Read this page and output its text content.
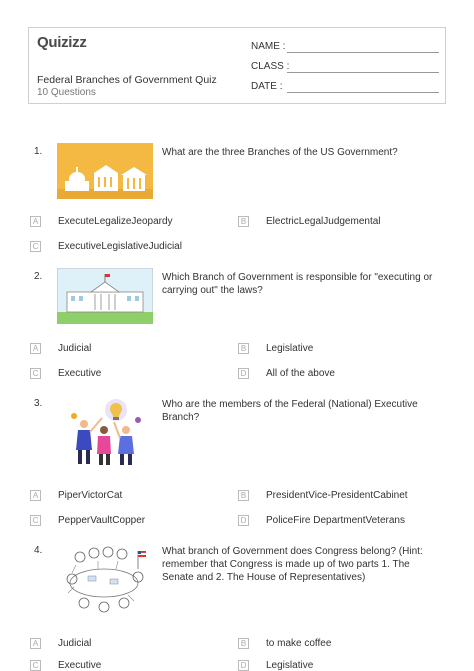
Quizizz
Federal Branches of Government Quiz
10 Questions
NAME :
CLASS :
DATE :
1.	What are the three Branches of the US Government?
A ExecuteLegalizeJeopardy	B ElectricLegalJudgemental
C ExecutiveLegislativeJudicial
2.	Which Branch of Government is responsible for "executing or carrying out" the laws?
A Judicial	B Legislative
C Executive	D All of the above
3.	Who are the members of the Federal (National) Executive Branch?
A PiperVictorCat	B PresidentVice-PresidentCabinet
C PepperVaultCopper	D PoliceFire DepartmentVeterans
4.	What branch of Government does Congress belong? (Hint: remember that Congress is made up of two parts 1. The Senate and 2. The House of Representatives)
A Judicial	B to make coffee
C Executive	D Legislative
